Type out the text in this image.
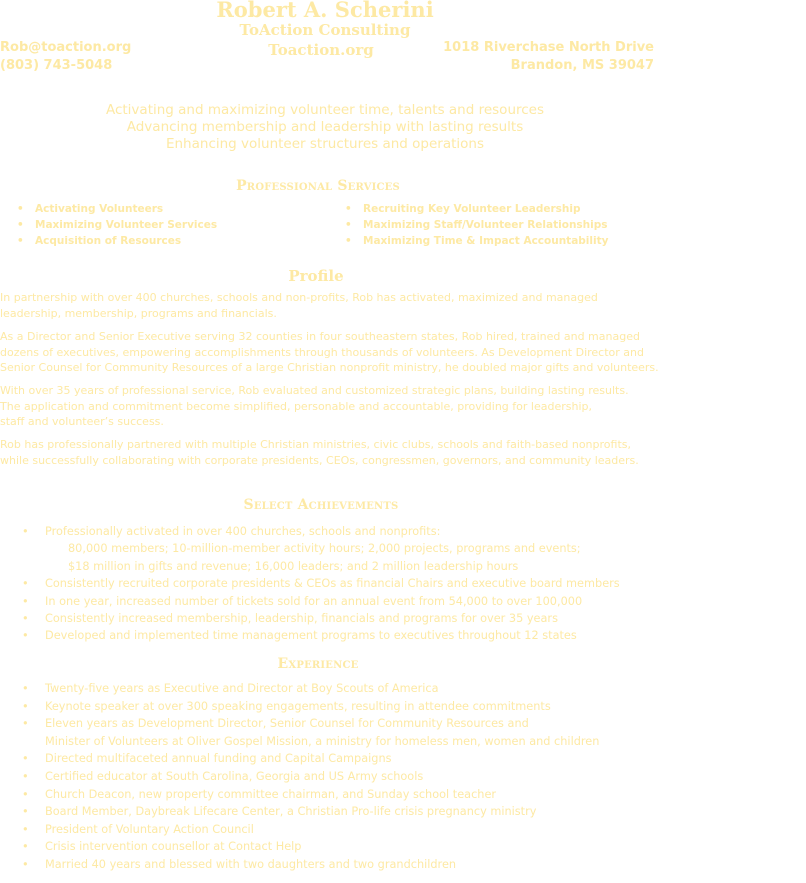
Robert A. Scherini
ToAction Consulting
Toaction.org
Rob@toaction.org
(803) 743-5048
1018 Riverchase North Drive
Brandon, MS 39047
Activating and maximizing volunteer time, talents and resources
Advancing membership and leadership with lasting results
Enhancing volunteer structures and operations
Professional Services
• Activating Volunteers
• Maximizing Volunteer Services
• Acquisition of Resources
• Recruiting Key Volunteer Leadership
• Maximizing Staff/Volunteer Relationships
• Maximizing Time & Impact Accountability
Profile
In partnership with over 400 churches, schools and non-profits, Rob has activated, maximized and managed
leadership, membership, programs and financials.
As a Director and Senior Executive serving 32 counties in four southeastern states, Rob hired, trained and managed
dozens of executives, empowering accomplishments through thousands of volunteers. As Development Director and
Senior Counsel for Community Resources of a large Christian nonprofit ministry, he doubled major gifts and volunteers.
With over 35 years of professional service, Rob evaluated and customized strategic plans, building lasting results.
The application and commitment become simplified, personable and accountable, providing for leadership,
staff and volunteer’s success.
Rob has professionally partnered with multiple Christian ministries, civic clubs, schools and faith-based nonprofits,
while successfully collaborating with corporate presidents, CEOs, congressmen, governors, and community leaders.
Select Achievements
• Professionally activated in over 400 churches, schools and nonprofits:
80,000 members; 10-million-member activity hours; 2,000 projects, programs and events;
$18 million in gifts and revenue; 16,000 leaders; and 2 million leadership hours
• Consistently recruited corporate presidents & CEOs as financial Chairs and executive board members
• In one year, increased number of tickets sold for an annual event from 54,000 to over 100,000
• Consistently increased membership, leadership, financials and programs for over 35 years
• Developed and implemented time management programs to executives throughout 12 states
Experience
• Twenty-five years as Executive and Director at Boy Scouts of America
• Keynote speaker at over 300 speaking engagements, resulting in attendee commitments
• Eleven years as Development Director, Senior Counsel for Community Resources and
Minister of Volunteers at Oliver Gospel Mission, a ministry for homeless men, women and children
• Directed multifaceted annual funding and Capital Campaigns
• Certified educator at South Carolina, Georgia and US Army schools
• Church Deacon, new property committee chairman, and Sunday school teacher
• Board Member, Daybreak Lifecare Center, a Christian Pro-life crisis pregnancy ministry
• President of Voluntary Action Council
• Crisis intervention counsellor at Contact Help
• Married 40 years and blessed with two daughters and two grandchildren
